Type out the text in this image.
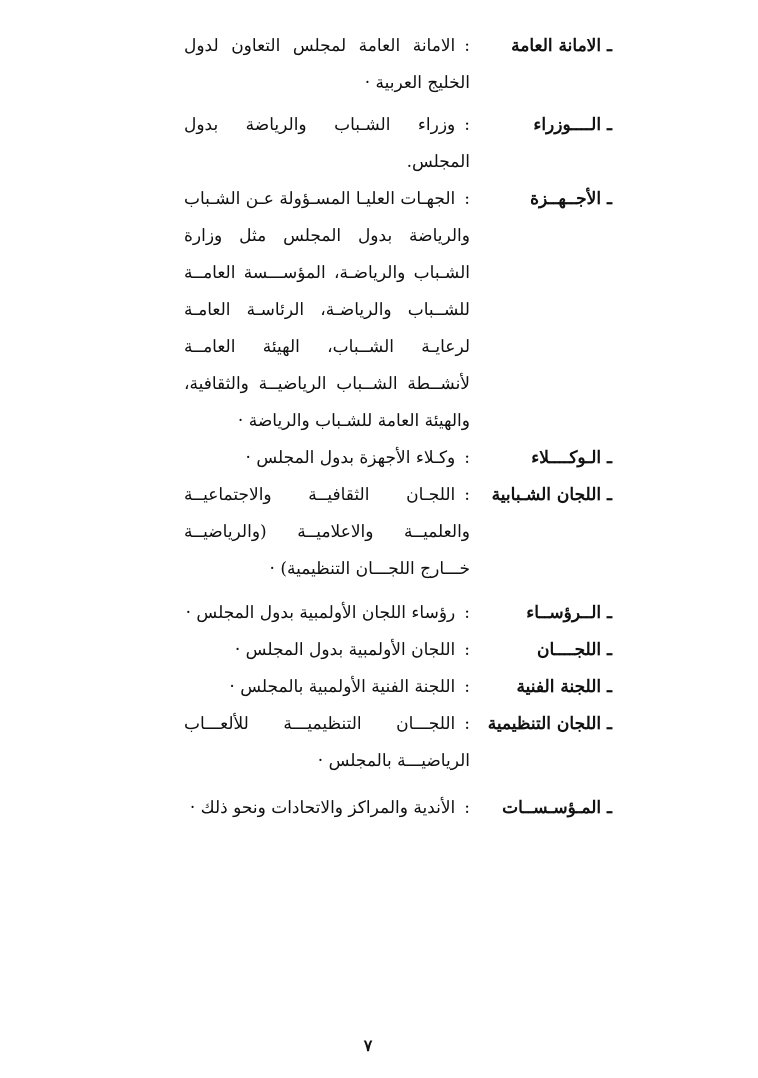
ـ الامانة العامة
:الامانة العامة لمجلس التعاون لدول الخليج العربية ·
ـ الــــوزراء
:وزراء الشـباب والرياضة بدول المجلس.
ـ الأجــهــزة
:الجهـات العليـا المسـؤولة عـن الشـباب والرياضة بدول المجلس مثل وزارة الشـباب والرياضـة، المؤســـسة العامــة للشــباب والرياضـة، الرئاسـة العامـة لرعايـة الشــباب، الهيئة العامــة لأنشــطة الشــباب الرياضيــة والثقافية، والهيئة العامة للشـباب والرياضة ·
ـ الـوكــــلاء
:وكـلاء الأجهزة بدول المجلس ·
ـ اللجان الشـبابية
:اللجـان الثقافيــة والاجتماعيــة والعلميــة والاعلاميــة (والرياضيــة خـــارج اللجـــان التنظيمية) ·
ـ الــرؤســاء
:رؤساء اللجان الأولمبية بدول المجلس ·
ـ اللجــــان
:اللجان الأولمبية بدول المجلس ·
ـ اللجنة الفنية
:اللجنة الفنية الأولمبية بالمجلس ·
ـ اللجان التنظيمية
:اللجـــان التنظيميـــة للألعـــاب الرياضيـــة بالمجلس ·
ـ المـؤسـســات
:الأندية والمراكز والاتحادات ونحو ذلك ·
٧
